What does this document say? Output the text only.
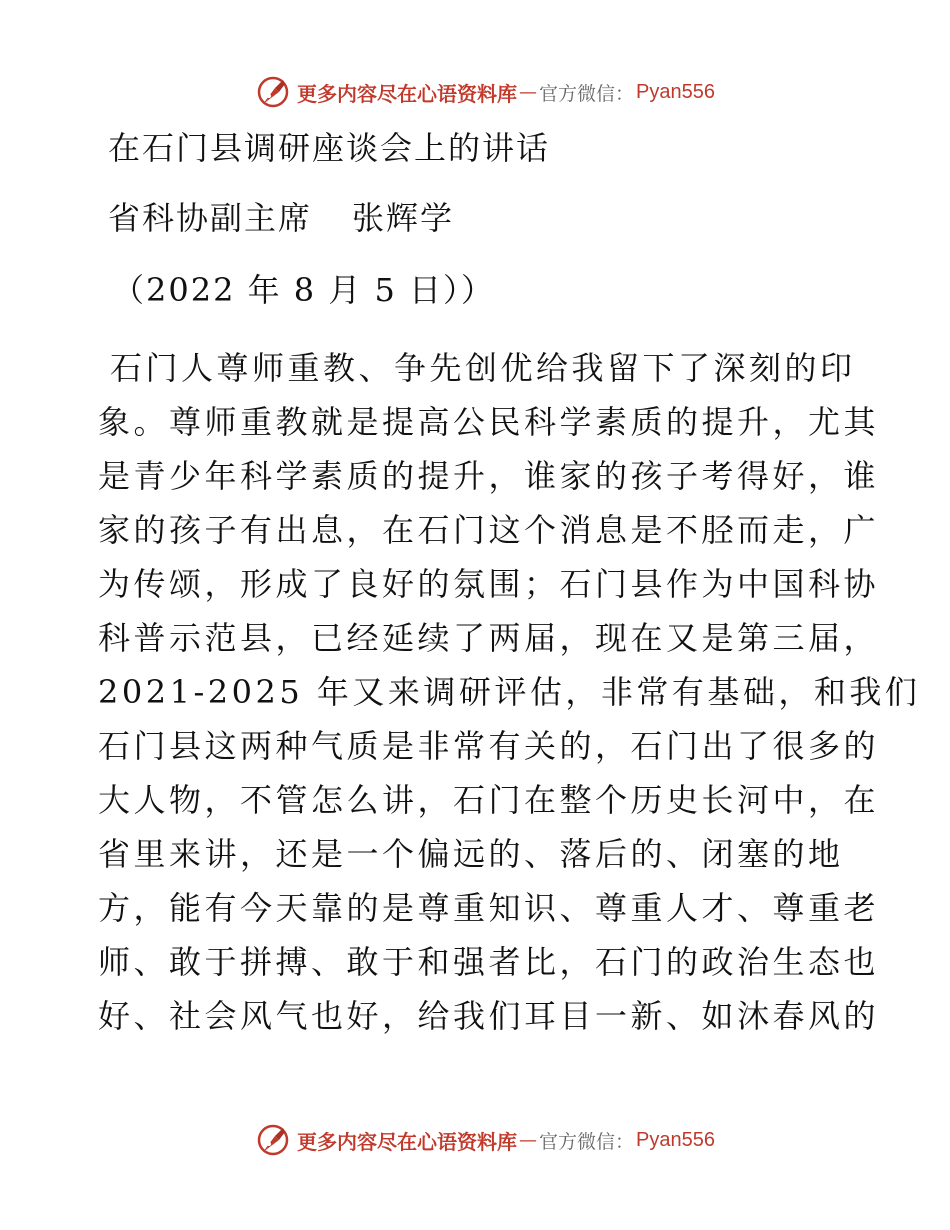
更多内容尽在心语资料库 — 官方微信： Pyan556
在石门县调研座谈会上的讲话
省科协副主席 张辉学
（2022 年 8 月 5 日））
石门人尊师重教、争先创优给我留下了深刻的印
象。尊师重教就是提高公民科学素质的提升，尤其
是青少年科学素质的提升，谁家的孩子考得好，谁
家的孩子有出息，在石门这个消息是不胫而走，广
为传颂，形成了良好的氛围；石门县作为中国科协
科普示范县，已经延续了两届，现在又是第三届，
2021-2025 年又来调研评估，非常有基础，和我们
石门县这两种气质是非常有关的，石门出了很多的
大人物，不管怎么讲，石门在整个历史长河中，在
省里来讲，还是一个偏远的、落后的、闭塞的地
方，能有今天靠的是尊重知识、尊重人才、尊重老
师、敢于拼搏、敢于和强者比，石门的政治生态也
好、社会风气也好，给我们耳目一新、如沐春风的
更多内容尽在心语资料库 — 官方微信： Pyan556
